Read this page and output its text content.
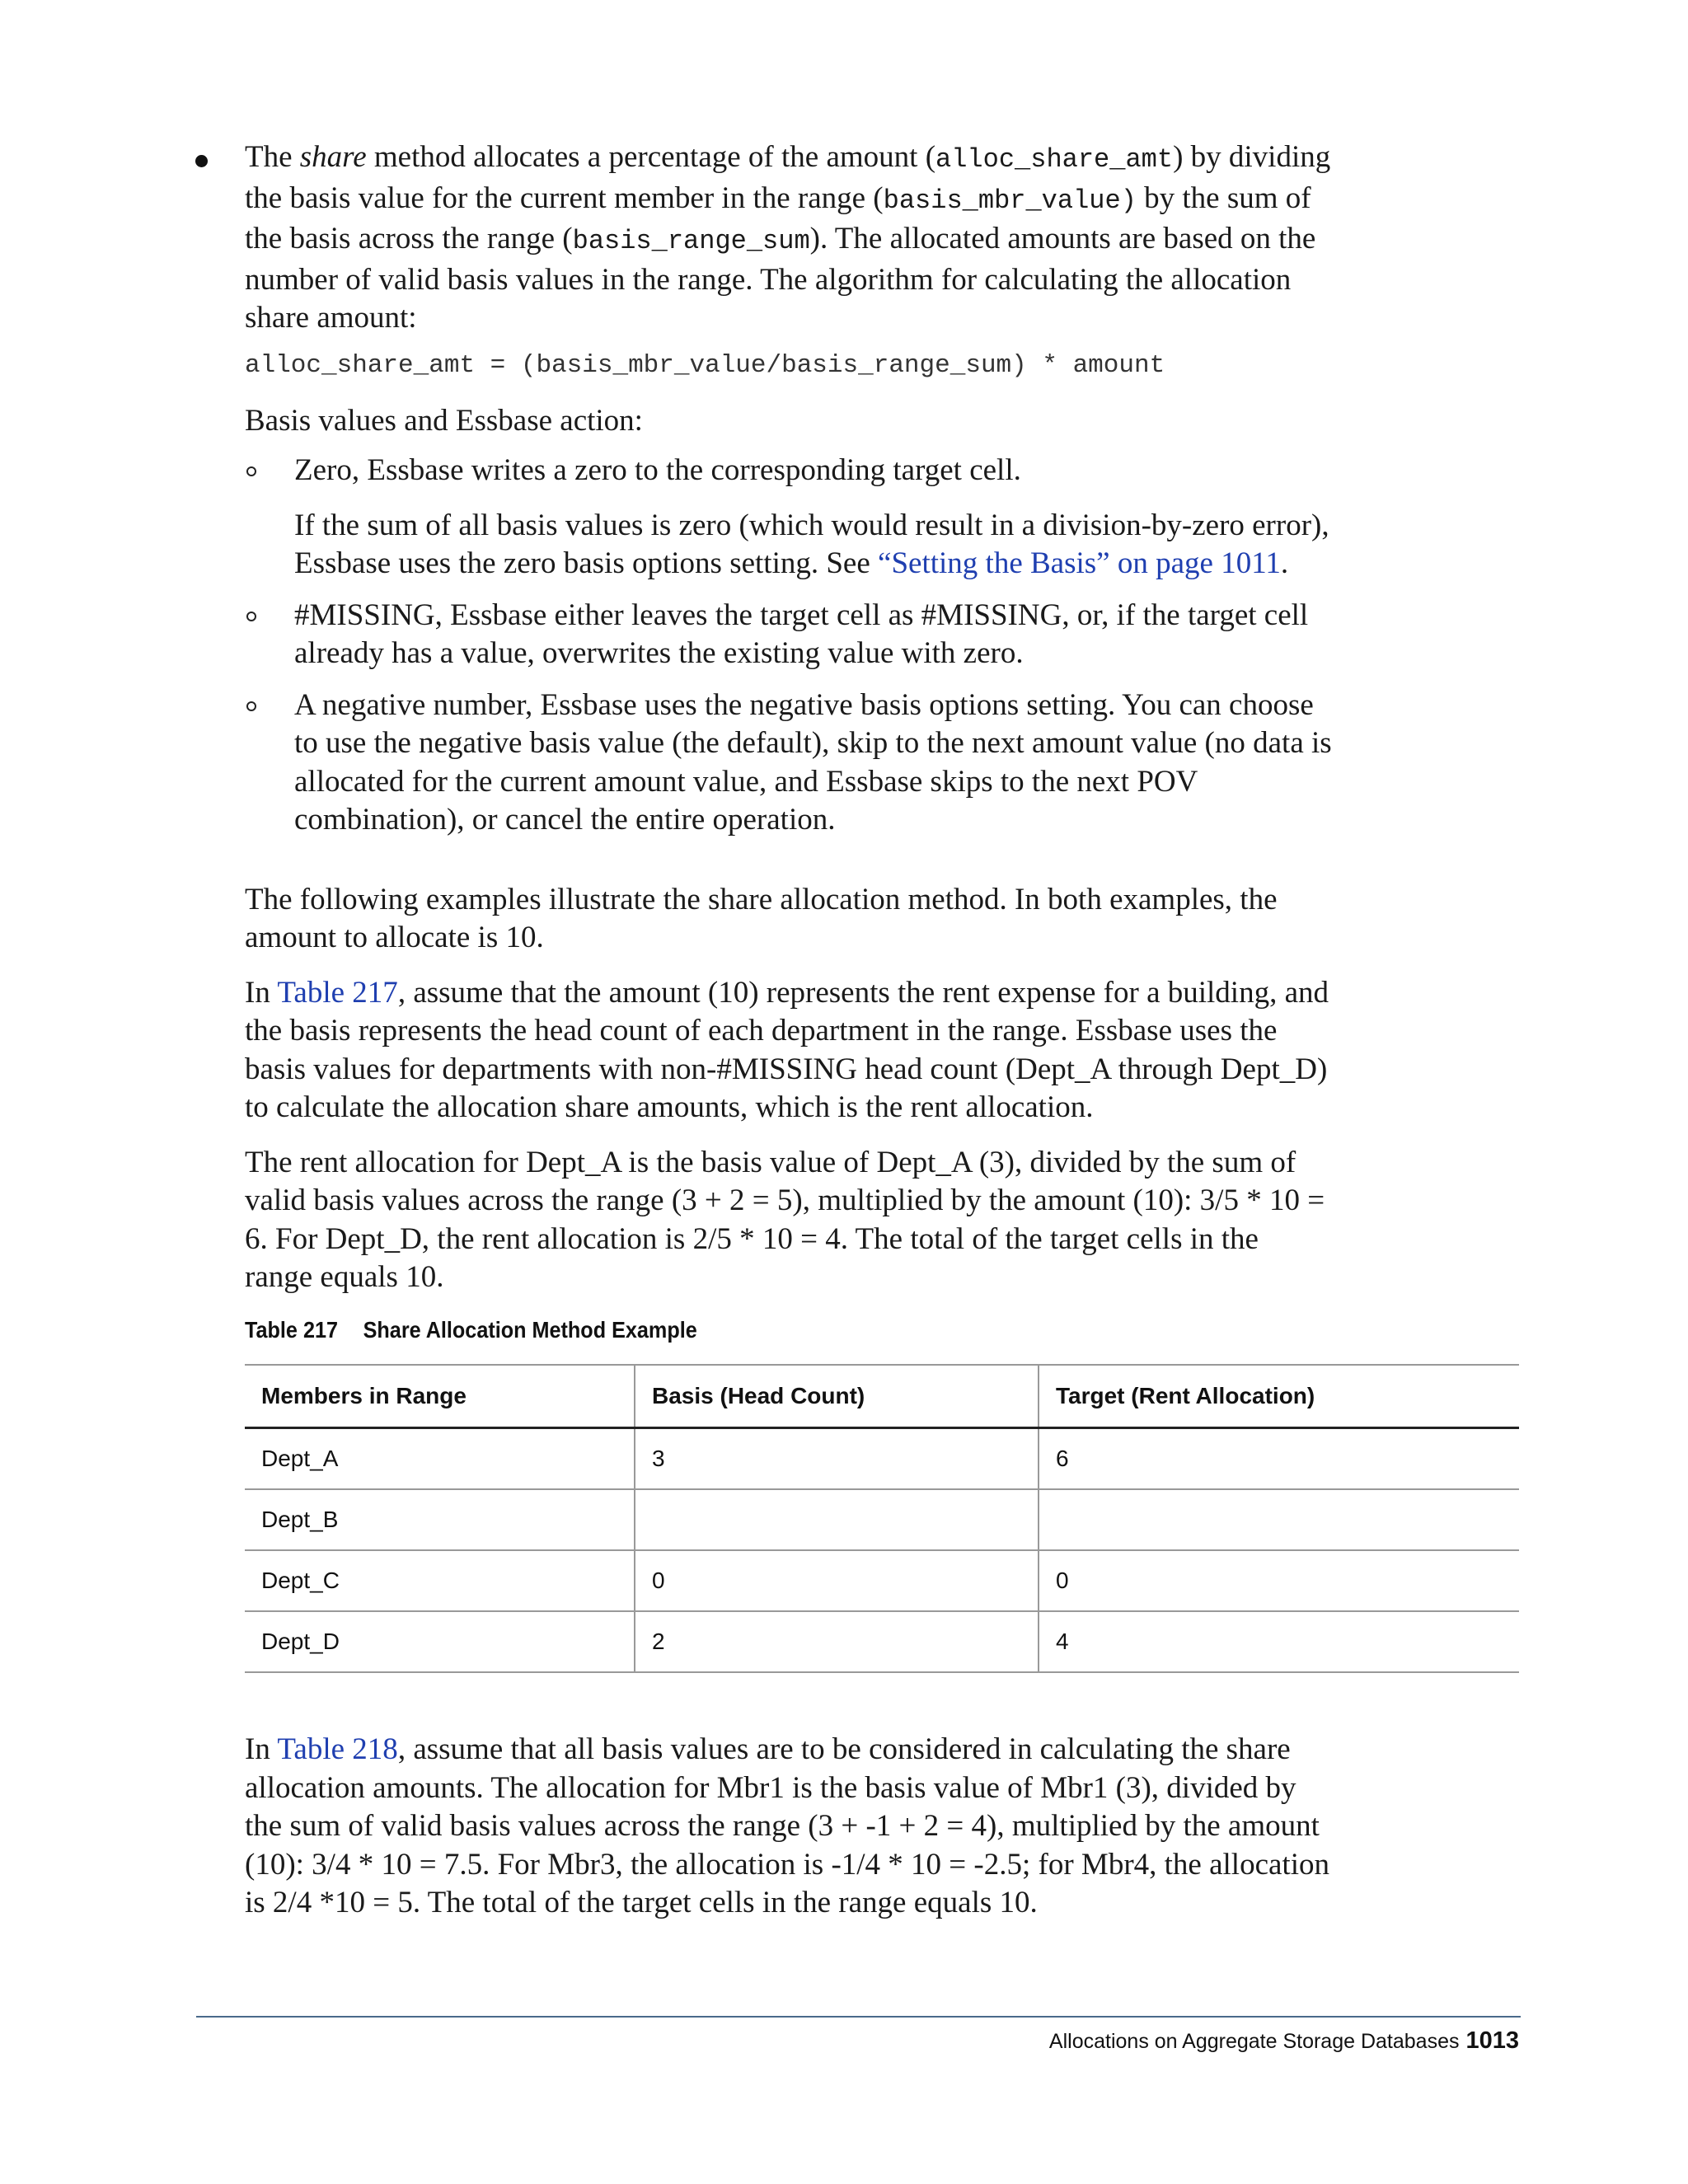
The share method allocates a percentage of the amount (alloc_share_amt) by dividing the basis value for the current member in the range (basis_mbr_value) by the sum of the basis across the range (basis_range_sum). The allocated amounts are based on the number of valid basis values in the range. The algorithm for calculating the allocation share amount:

alloc_share_amt = (basis_mbr_value/basis_range_sum) * amount

Basis values and Essbase action:

Zero, Essbase writes a zero to the corresponding target cell.

If the sum of all basis values is zero (which would result in a division-by-zero error), Essbase uses the zero basis options setting. See “Setting the Basis” on page 1011.

#MISSING, Essbase either leaves the target cell as #MISSING, or, if the target cell already has a value, overwrites the existing value with zero.

A negative number, Essbase uses the negative basis options setting. You can choose to use the negative basis value (the default), skip to the next amount value (no data is allocated for the current amount value, and Essbase skips to the next POV combination), or cancel the entire operation.

The following examples illustrate the share allocation method. In both examples, the amount to allocate is 10.

In Table 217, assume that the amount (10) represents the rent expense for a building, and the basis represents the head count of each department in the range. Essbase uses the basis values for departments with non-#MISSING head count (Dept_A through Dept_D) to calculate the allocation share amounts, which is the rent allocation.

The rent allocation for Dept_A is the basis value of Dept_A (3), divided by the sum of valid basis values across the range (3 + 2 = 5), multiplied by the amount (10): 3/5 * 10 = 6. For Dept_D, the rent allocation is 2/5 * 10 = 4. The total of the target cells in the range equals 10.

Table 217 Share Allocation Method Example
Members in Range	Basis (Head Count)	Target (Rent Allocation)
Dept_A	3	6
Dept_B		
Dept_C	0	0
Dept_D	2	4

In Table 218, assume that all basis values are to be considered in calculating the share allocation amounts. The allocation for Mbr1 is the basis value of Mbr1 (3), divided by the sum of valid basis values across the range (3 + -1 + 2 = 4), multiplied by the amount (10): 3/4 * 10 = 7.5. For Mbr3, the allocation is -1/4 * 10 = -2.5; for Mbr4, the allocation is 2/4 *10 = 5. The total of the target cells in the range equals 10.

Allocations on Aggregate Storage Databases 1013
